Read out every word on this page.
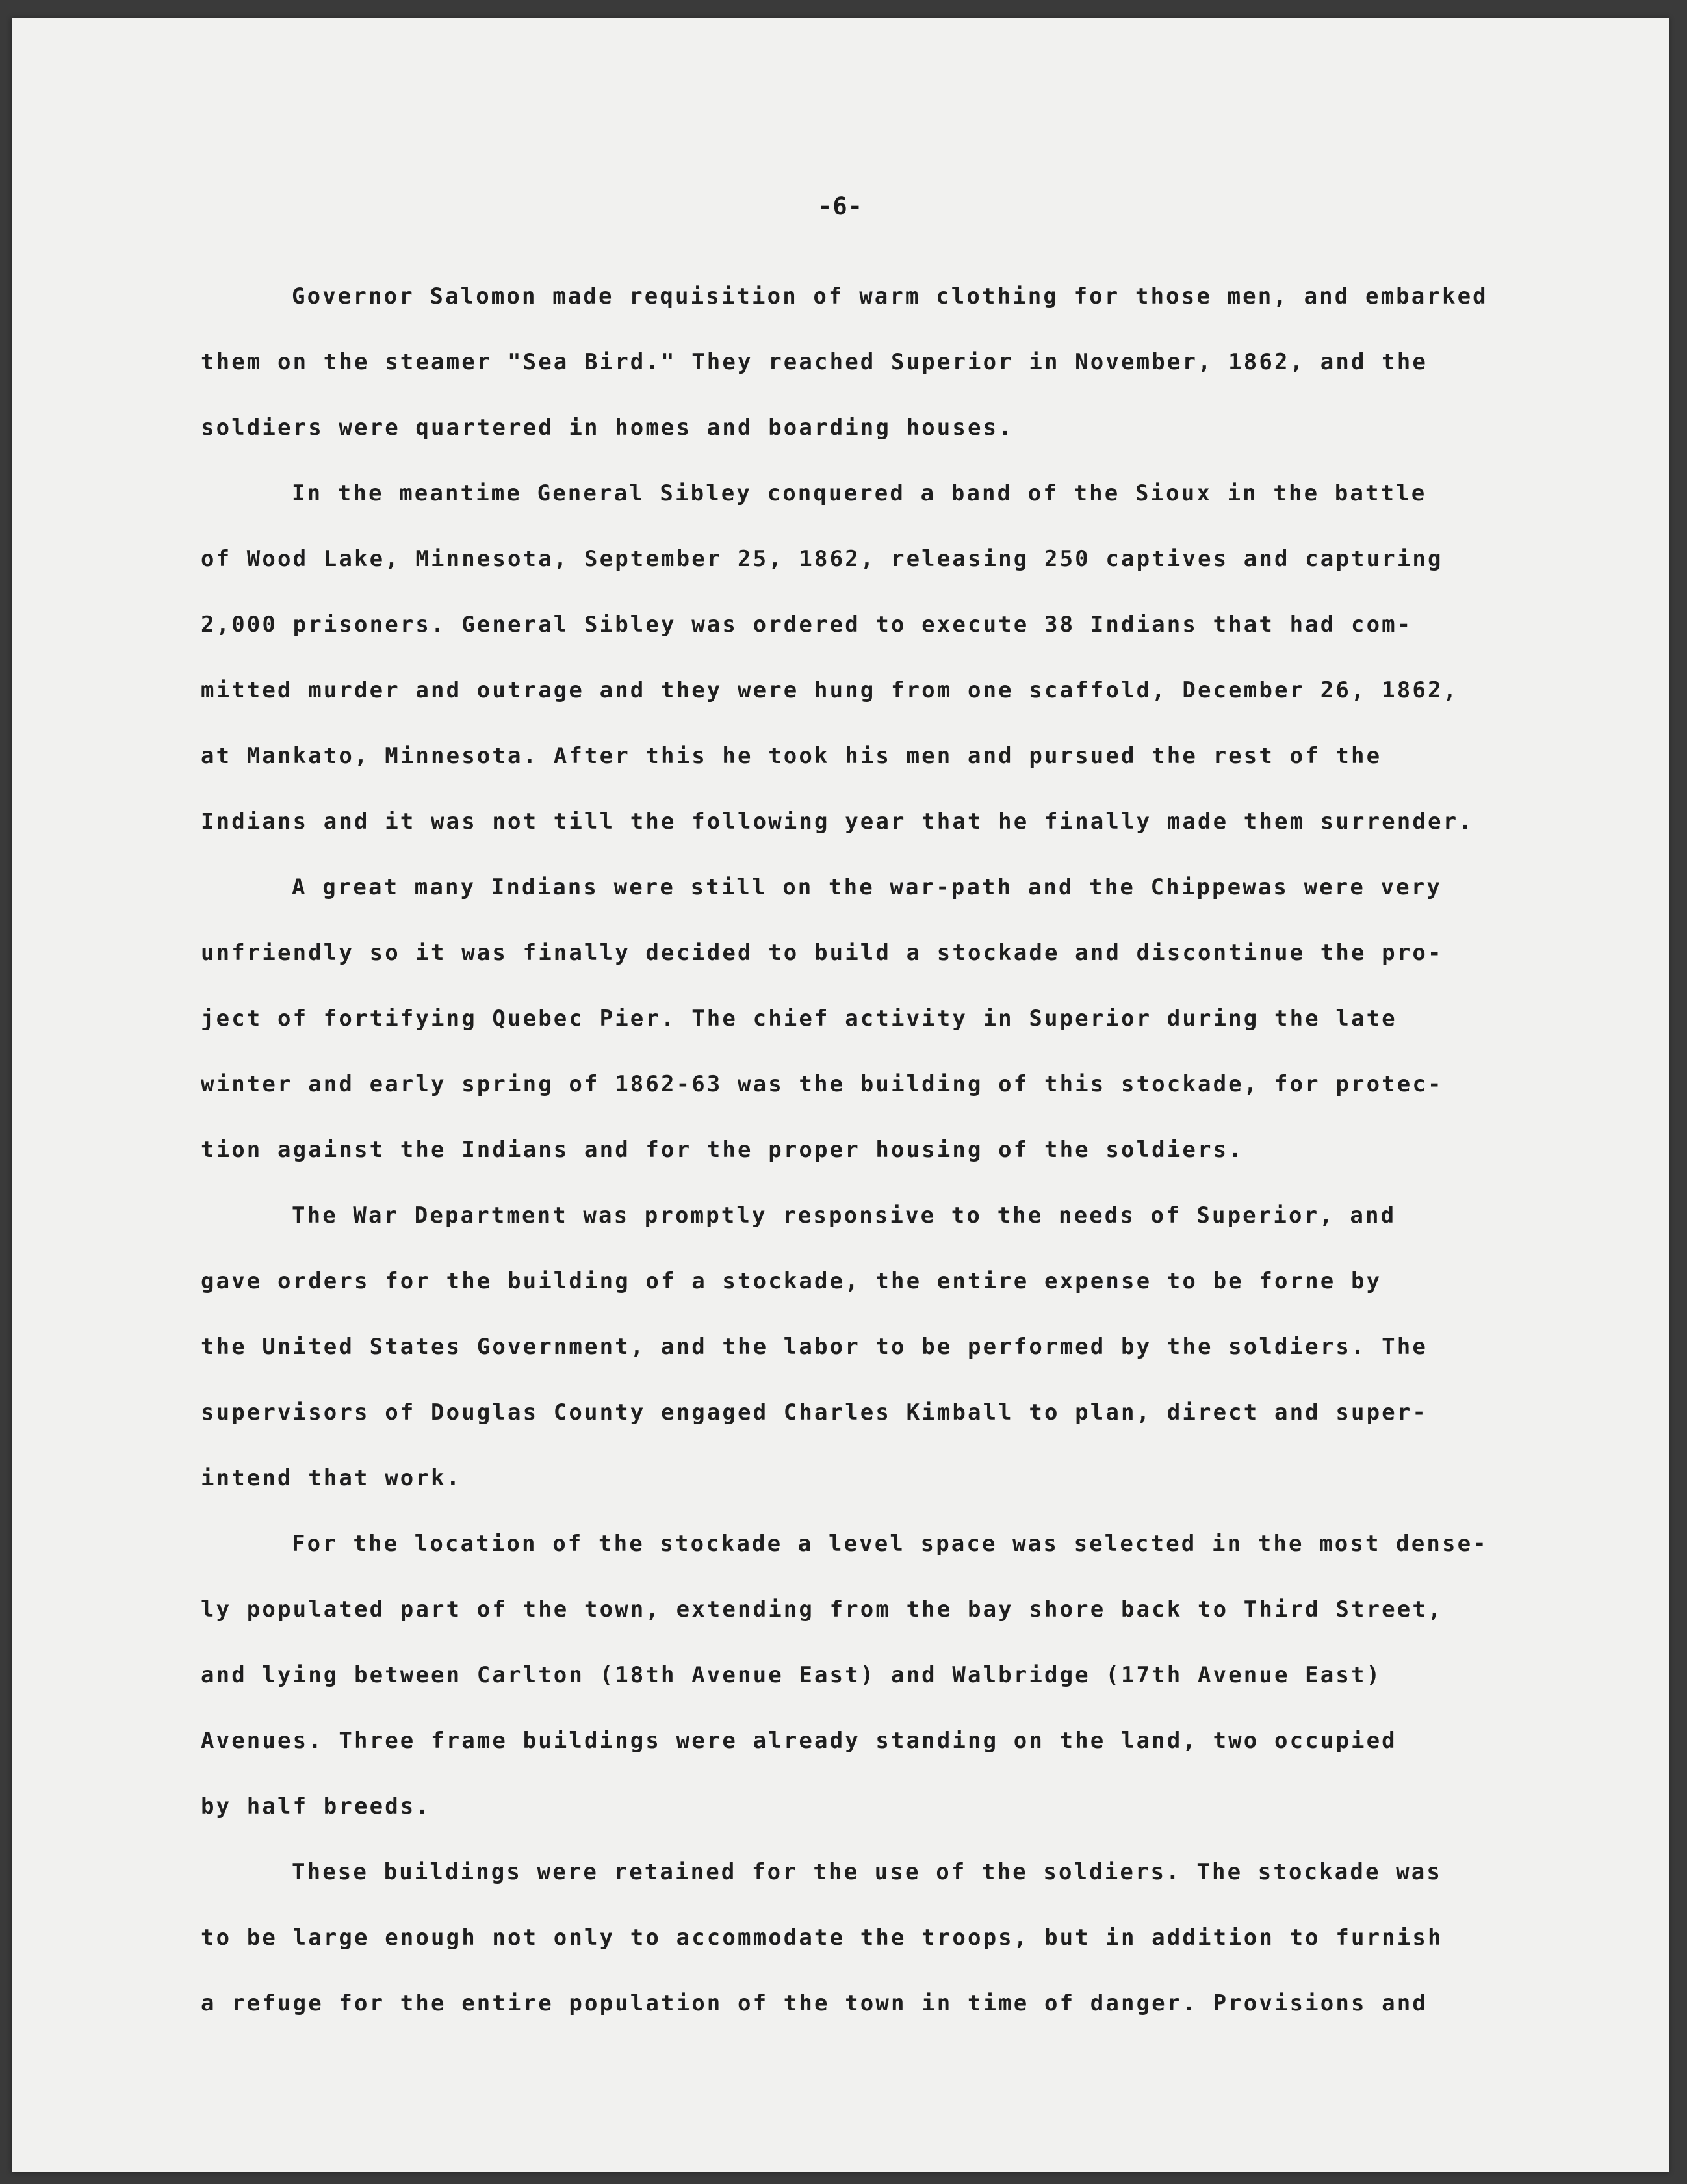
-6-
Governor Salomon made requisition of warm clothing for those men, and embarked
them on the steamer "Sea Bird." They reached Superior in November, 1862, and the
soldiers were quartered in homes and boarding houses.
In the meantime General Sibley conquered a band of the Sioux in the battle
of Wood Lake, Minnesota, September 25, 1862, releasing 250 captives and capturing
2,000 prisoners. General Sibley was ordered to execute 38 Indians that had com-
mitted murder and outrage and they were hung from one scaffold, December 26, 1862,
at Mankato, Minnesota. After this he took his men and pursued the rest of the
Indians and it was not till the following year that he finally made them surrender.
A great many Indians were still on the war-path and the Chippewas were very
unfriendly so it was finally decided to build a stockade and discontinue the pro-
ject of fortifying Quebec Pier. The chief activity in Superior during the late
winter and early spring of 1862-63 was the building of this stockade, for protec-
tion against the Indians and for the proper housing of the soldiers.
The War Department was promptly responsive to the needs of Superior, and
gave orders for the building of a stockade, the entire expense to be forne by
the United States Government, and the labor to be performed by the soldiers. The
supervisors of Douglas County engaged Charles Kimball to plan, direct and super-
intend that work.
For the location of the stockade a level space was selected in the most dense-
ly populated part of the town, extending from the bay shore back to Third Street,
and lying between Carlton (18th Avenue East) and Walbridge (17th Avenue East)
Avenues. Three frame buildings were already standing on the land, two occupied
by half breeds.
These buildings were retained for the use of the soldiers. The stockade was
to be large enough not only to accommodate the troops, but in addition to furnish
a refuge for the entire population of the town in time of danger. Provisions and
